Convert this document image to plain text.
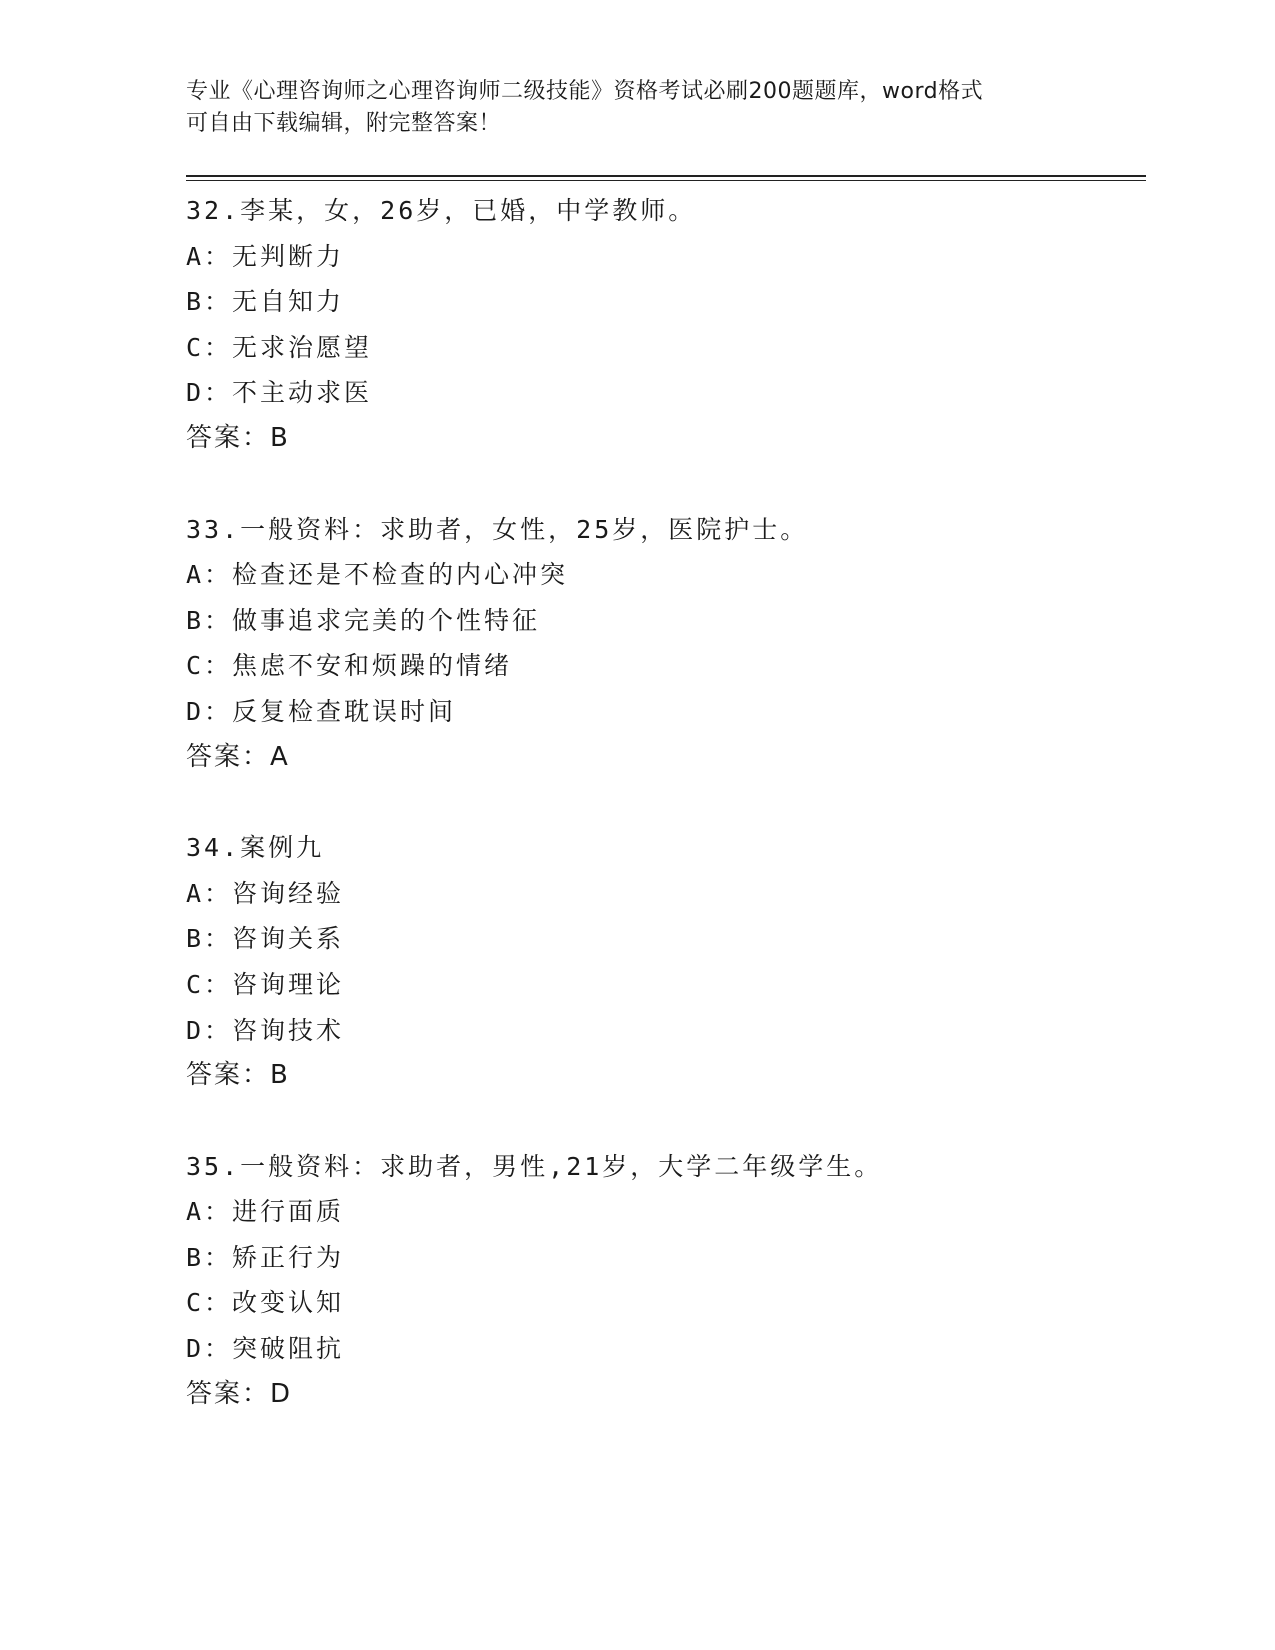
专业《心理咨询师之心理咨询师二级技能》资格考试必刷200题题库，word格式
可自由下载编辑，附完整答案！
32.李某，女，26岁，已婚，中学教师。
A：无判断力
B：无自知力
C：无求治愿望
D：不主动求医
答案：B
33.一般资料：求助者，女性，25岁，医院护士。
A：检查还是不检查的内心冲突
B：做事追求完美的个性特征
C：焦虑不安和烦躁的情绪
D：反复检查耽误时间
答案：A
34.案例九
A：咨询经验
B：咨询关系
C：咨询理论
D：咨询技术
答案：B
35.一般资料：求助者，男性,21岁，大学二年级学生。
A：进行面质
B：矫正行为
C：改变认知
D：突破阻抗
答案：D
